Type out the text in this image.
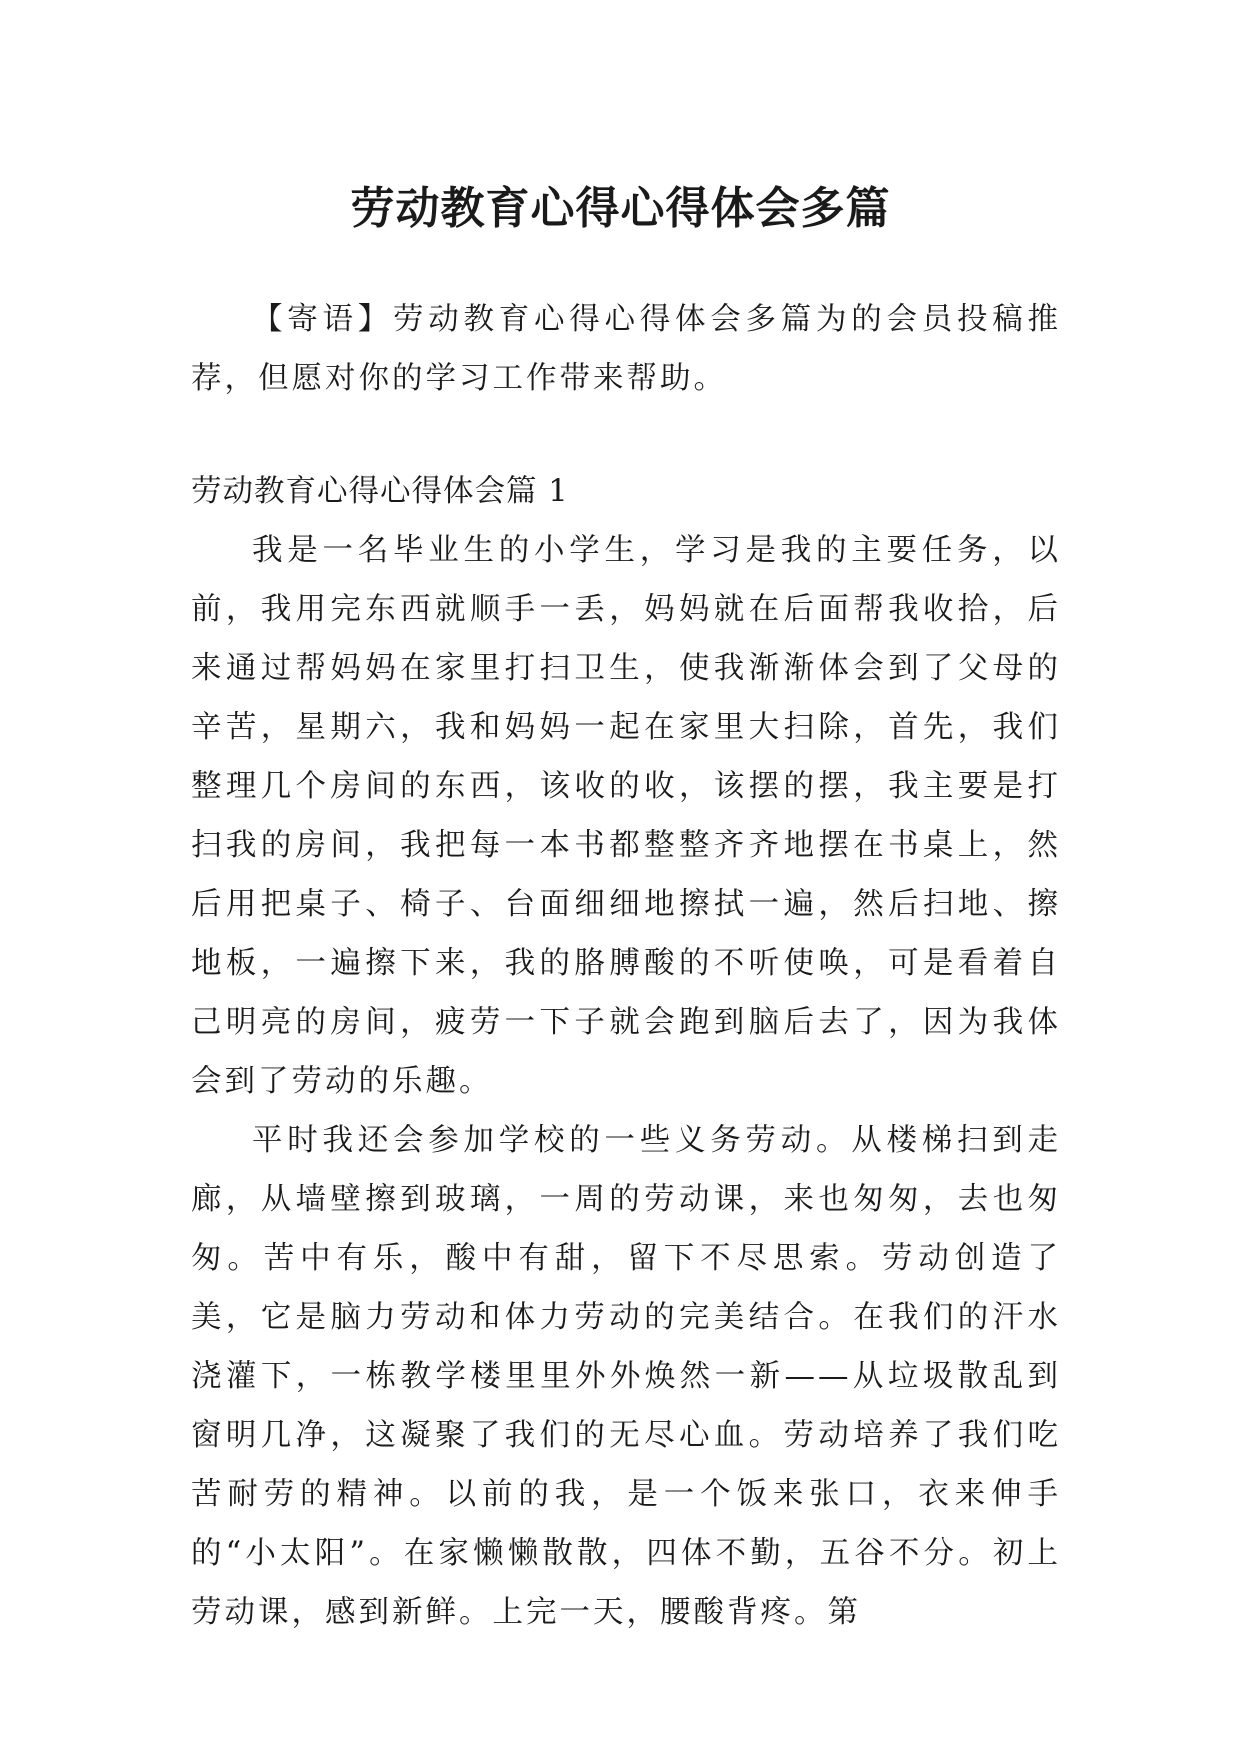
劳动教育心得心得体会多篇

【寄语】劳动教育心得心得体会多篇为的会员投稿推荐，但愿对你的学习工作带来帮助。

劳动教育心得心得体会篇 1

我是一名毕业生的小学生，学习是我的主要任务，以前，我用完东西就顺手一丢，妈妈就在后面帮我收拾，后来通过帮妈妈在家里打扫卫生，使我渐渐体会到了父母的辛苦，星期六，我和妈妈一起在家里大扫除，首先，我们整理几个房间的东西，该收的收，该摆的摆，我主要是打扫我的房间，我把每一本书都整整齐齐地摆在书桌上，然后用把桌子、椅子、台面细细地擦拭一遍，然后扫地、擦地板，一遍擦下来，我的胳膊酸的不听使唤，可是看着自己明亮的房间，疲劳一下子就会跑到脑后去了，因为我体会到了劳动的乐趣。

平时我还会参加学校的一些义务劳动。从楼梯扫到走廊，从墙壁擦到玻璃，一周的劳动课，来也匆匆，去也匆匆。苦中有乐，酸中有甜，留下不尽思索。劳动创造了美，它是脑力劳动和体力劳动的完美结合。在我们的汗水浇灌下，一栋教学楼里里外外焕然一新——从垃圾散乱到窗明几净，这凝聚了我们的无尽心血。劳动培养了我们吃苦耐劳的精神。以前的我，是一个饭来张口，衣来伸手的“小太阳”。在家懒懒散散，四体不勤，五谷不分。初上劳动课，感到新鲜。上完一天，腰酸背疼。第
